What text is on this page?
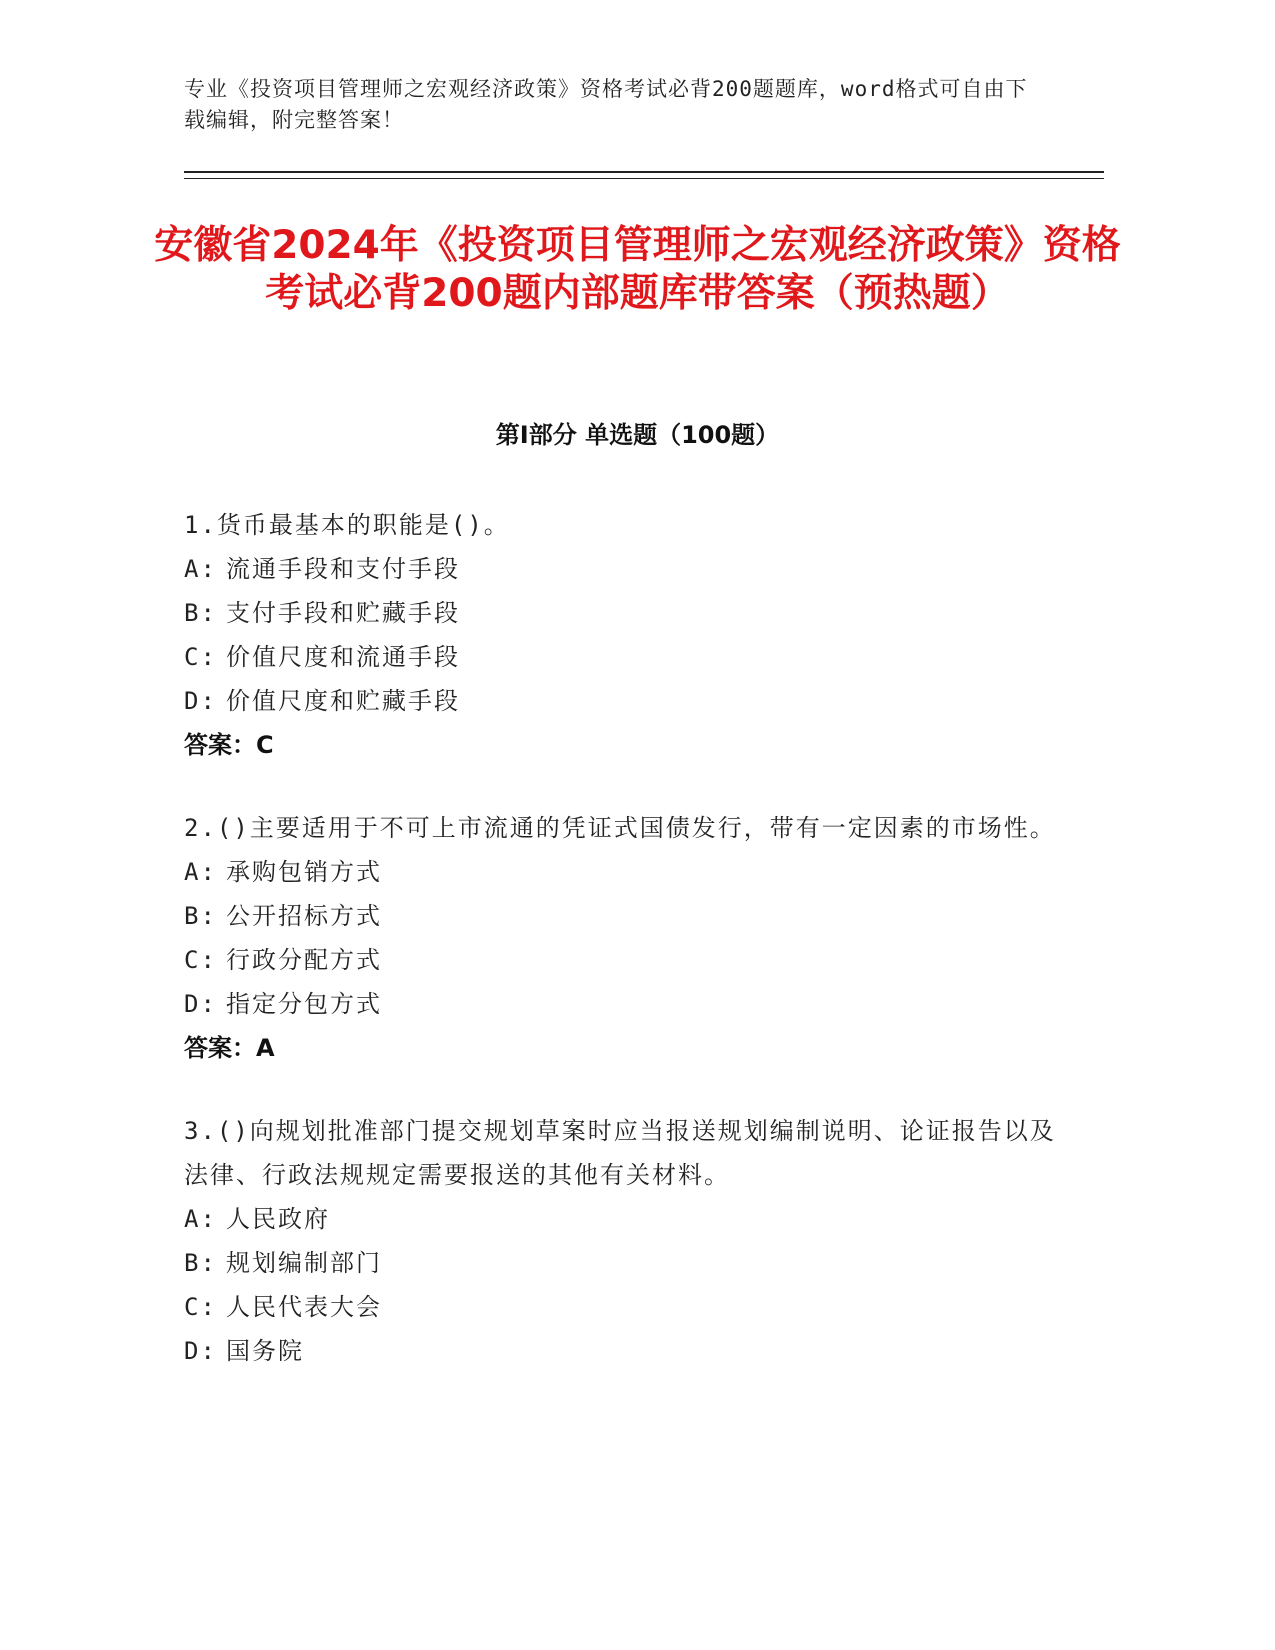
专业《投资项目管理师之宏观经济政策》资格考试必背200题题库，word格式可自由下载编辑，附完整答案！
安徽省2024年《投资项目管理师之宏观经济政策》资格考试必背200题内部题库带答案（预热题）
第Ⅰ部分 单选题（100题）

1.货币最基本的职能是()。

A: 流通手段和支付手段

B: 支付手段和贮藏手段

C: 价值尺度和流通手段

D: 价值尺度和贮藏手段

答案：C

2.()主要适用于不可上市流通的凭证式国债发行，带有一定因素的市场性。

A: 承购包销方式

B: 公开招标方式

C: 行政分配方式

D: 指定分包方式

答案：A

3.()向规划批准部门提交规划草案时应当报送规划编制说明、论证报告以及法律、行政法规规定需要报送的其他有关材料。

A: 人民政府

B: 规划编制部门

C: 人民代表大会

D: 国务院
